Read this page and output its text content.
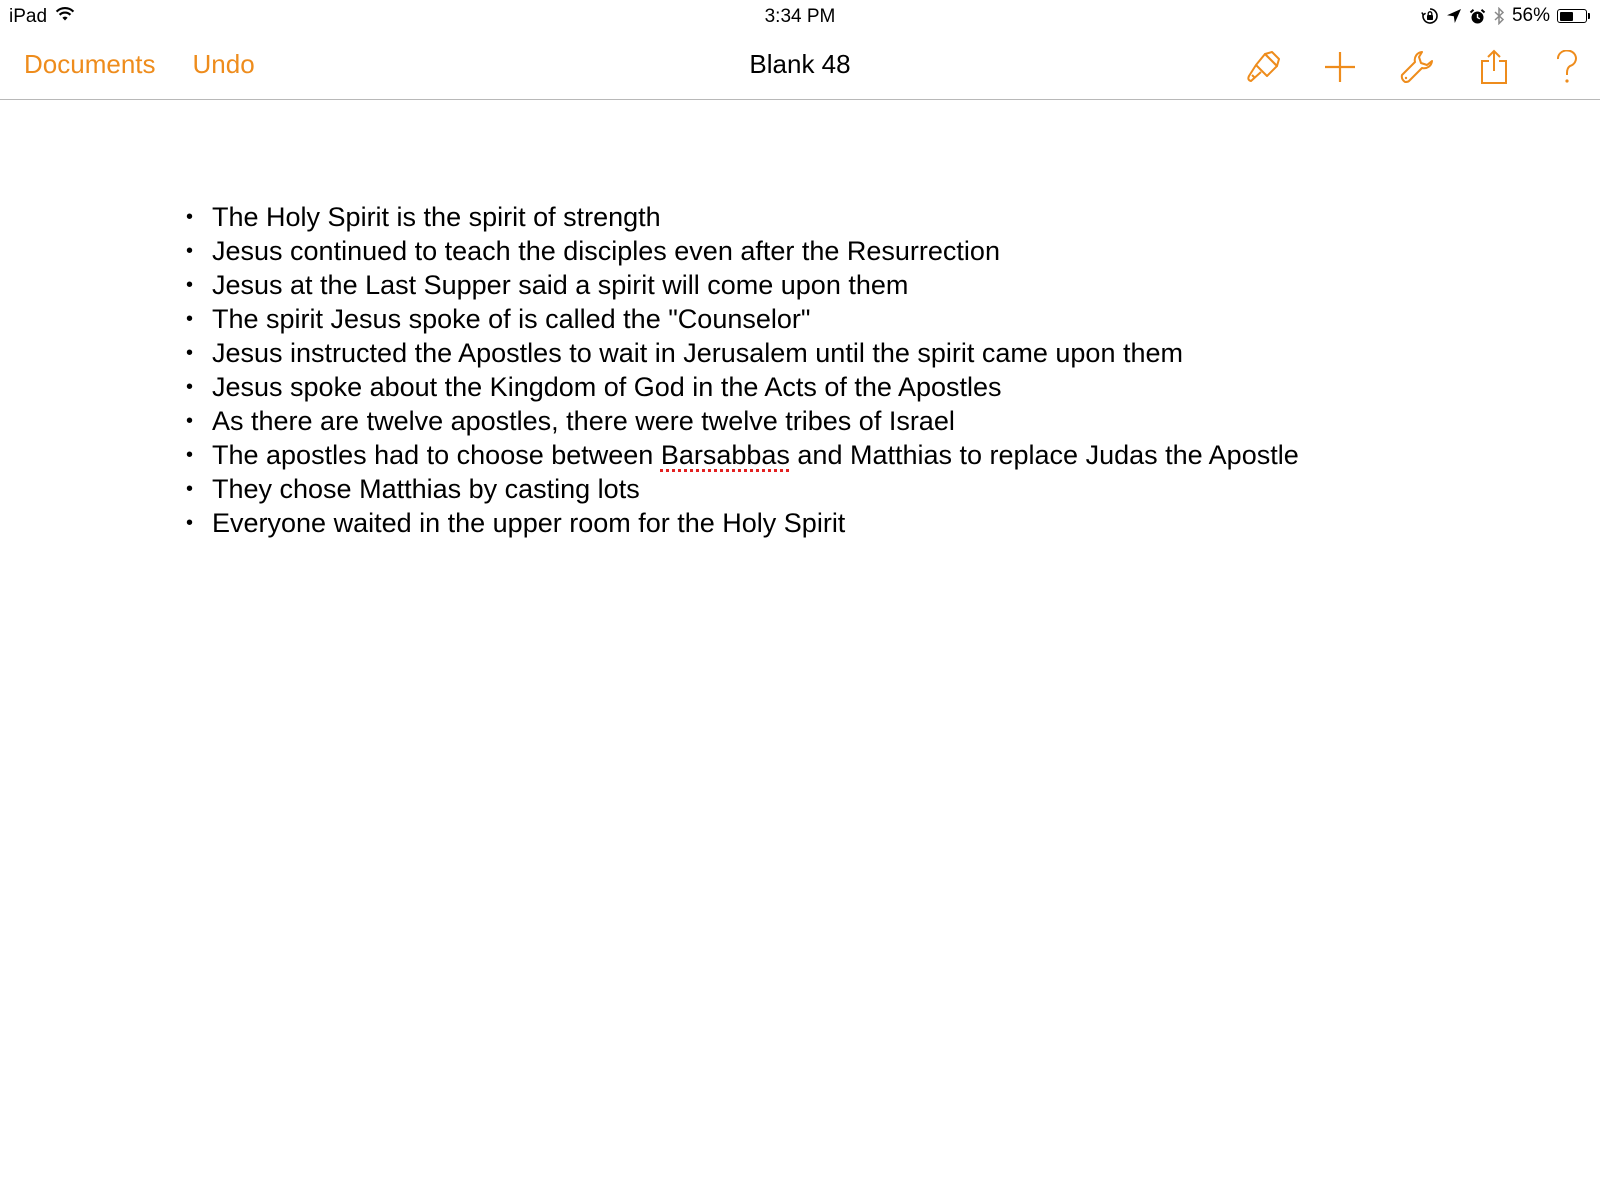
iPad	3:34 PM	56%
Documents Undo	Blank 48
• The Holy Spirit is the spirit of strength
• Jesus continued to teach the disciples even after the Resurrection
• Jesus at the Last Supper said a spirit will come upon them
• The spirit Jesus spoke of is called the "Counselor"
• Jesus instructed the Apostles to wait in Jerusalem until the spirit came upon them
• Jesus spoke about the Kingdom of God in the Acts of the Apostles
• As there are twelve apostles, there were twelve tribes of Israel
• The apostles had to choose between Barsabbas and Matthias to replace Judas the Apostle
• They chose Matthias by casting lots
• Everyone waited in the upper room for the Holy Spirit
